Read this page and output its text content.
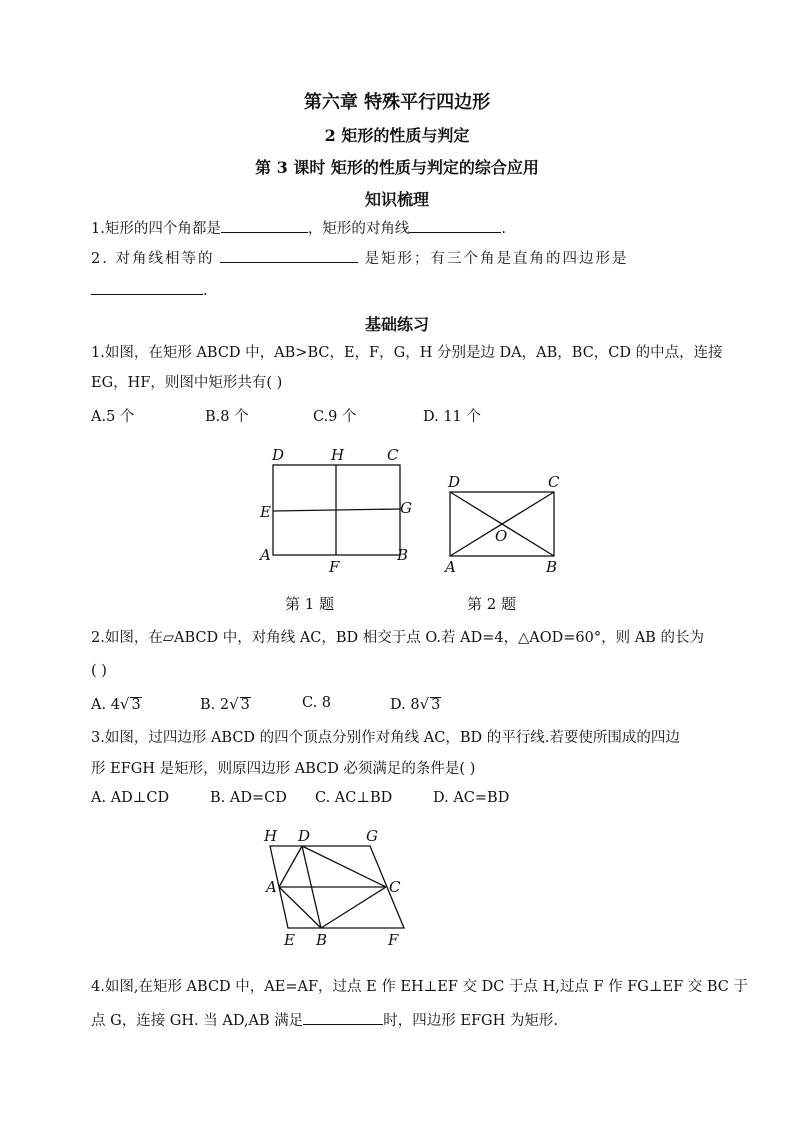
第六章 特殊平行四边形
2 矩形的性质与判定
第 3 课时 矩形的性质与判定的综合应用
知识梳理
1.矩形的四个角都是	，矩形的对角线	.
2. 对角线相等的	是矩形；有三个角是直角的四边形是
.
基础练习
1.如图，在矩形 ABCD 中，AB>BC，E，F，G，H 分别是边 DA，AB，BC，CD 的中点，连接
EG，HF，则图中矩形共有( )
A.5 个	B.8 个	C.9 个	D. 11 个
D	H	C
E	G
A
F
B
D	C
O
A	B
第 1 题	第 2 题
2.如图，在▱ABCD 中，对角线 AC，BD 相交于点 O.若 AD=4，△AOD=60°，则 AB 的长为
( )
A. 4√ 3	B. 2√ 3	C. 8	D. 8√ 3
3.如图，过四边形 ABCD 的四个顶点分别作对角线 AC，BD 的平行线.若要使所围成的四边
形 EFGH 是矩形，则原四边形 ABCD 必须满足的条件是( )
A. AD⊥CD	B. AD=CD C. AC⊥BD	D. AC=BD
H D	G
A	C
E B	F
4.如图,在矩形 ABCD 中，AE=AF，过点 E 作 EH⊥EF 交 DC 于点 H,过点 F 作 FG⊥EF 交 BC 于
点 G，连接 GH. 当 AD,AB 满足	时，四边形 EFGH 为矩形.
